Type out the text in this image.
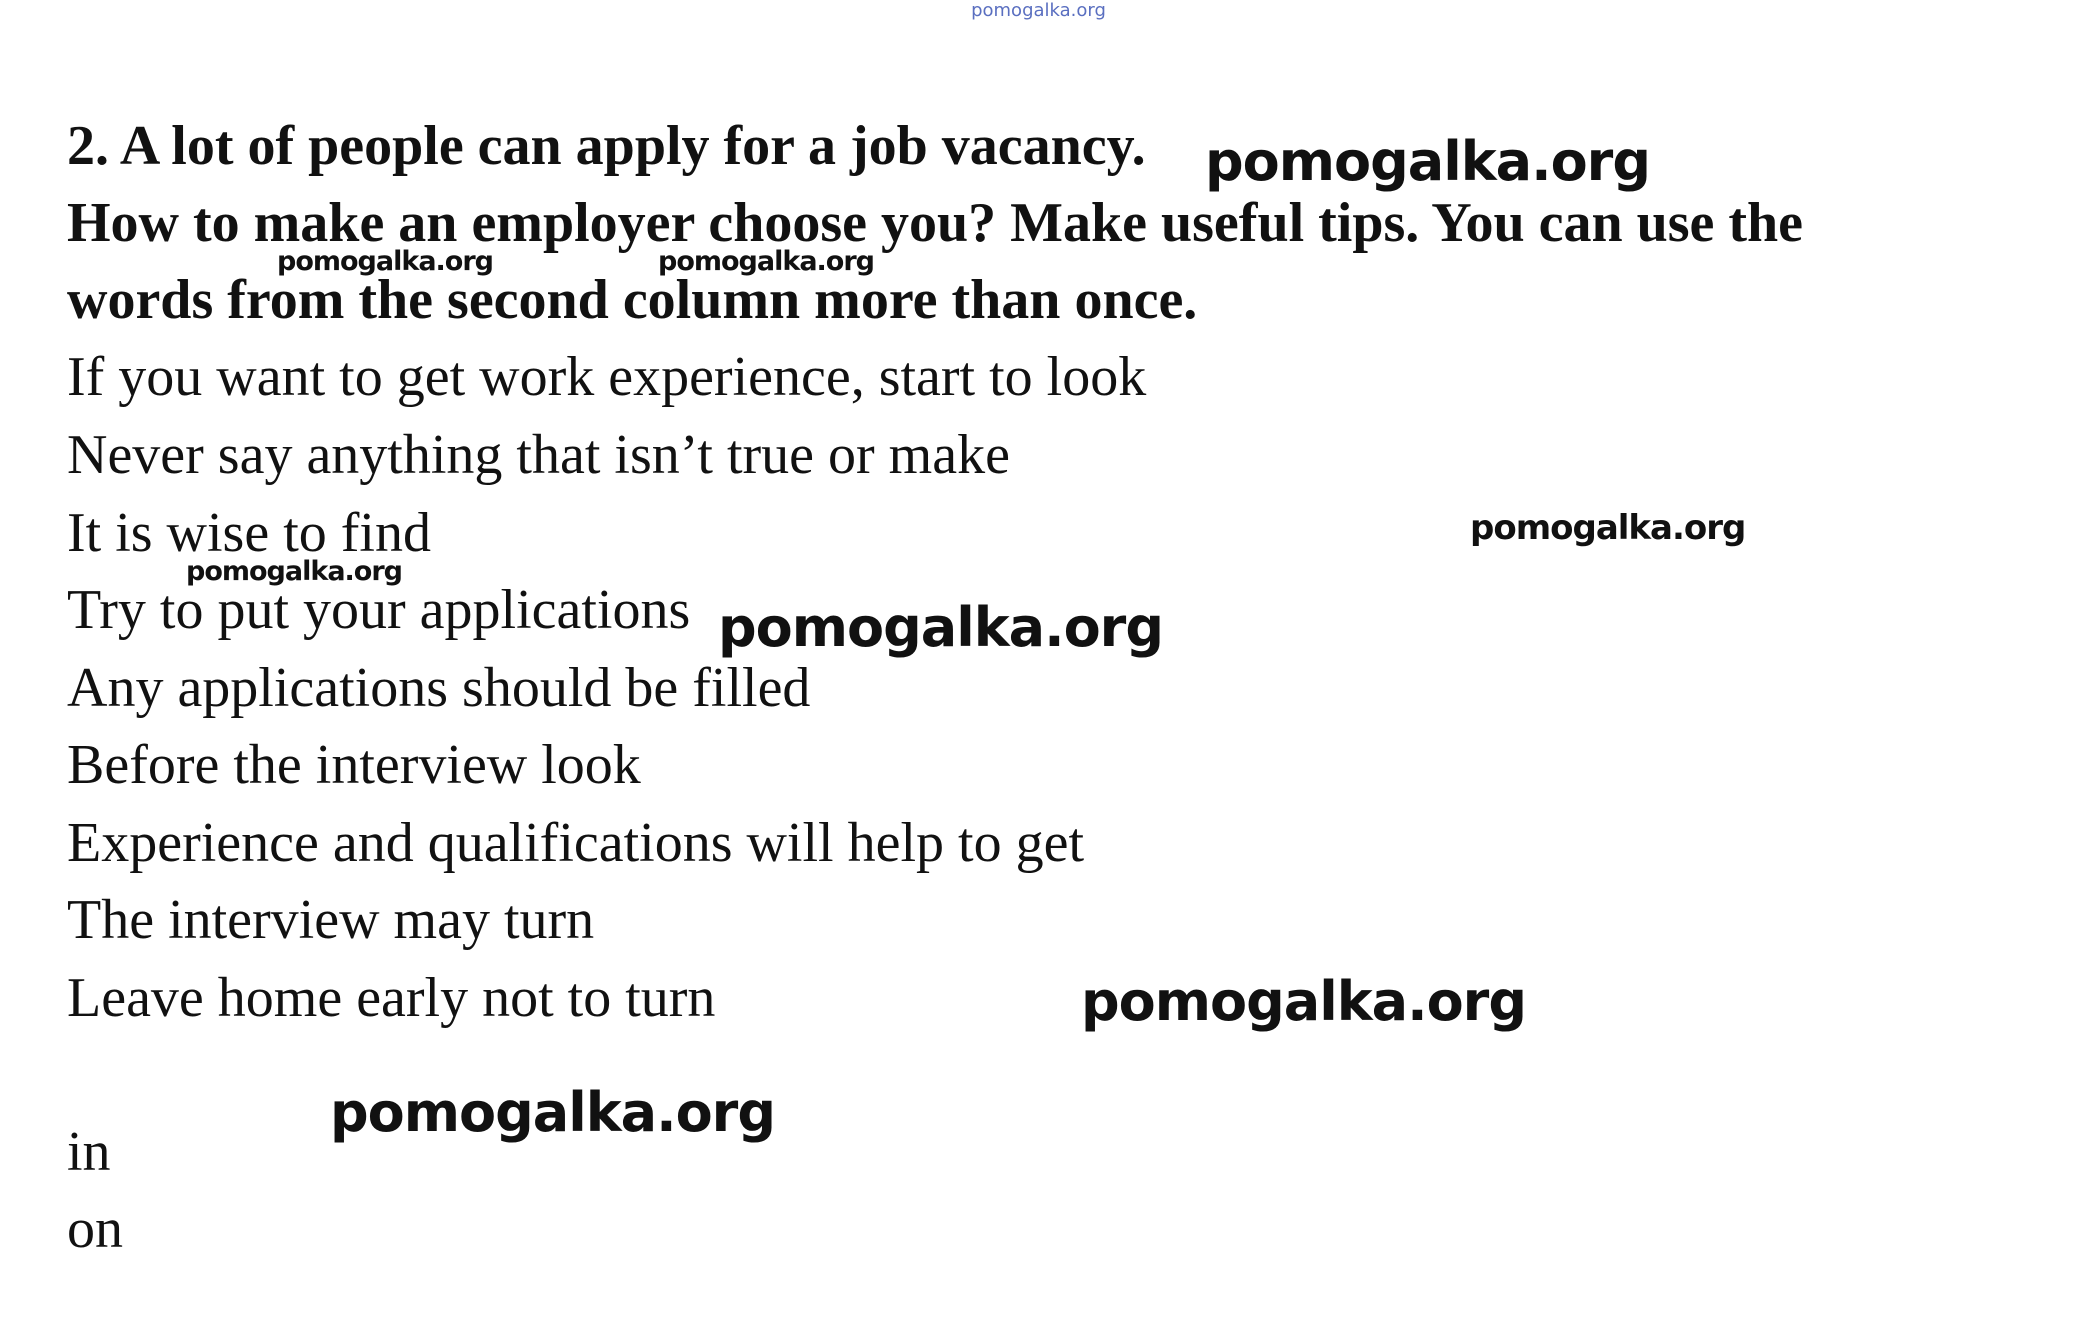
pomogalka.org
2. A lot of people can apply for a job vacancy.
How to make an employer choose you? Make useful tips. You can use the
words from the second column more than once.
If you want to get work experience, start to look
Never say anything that isn’t true or make
It is wise to find
Try to put your applications
Any applications should be filled
Before the interview look
Experience and qualifications will help to get
The interview may turn
Leave home early not to turn
in
on
pomogalka.org
pomogalka.org	pomogalka.org
pomogalka.org
pomogalka.org
pomogalka.org
pomogalka.org
pomogalka.org
